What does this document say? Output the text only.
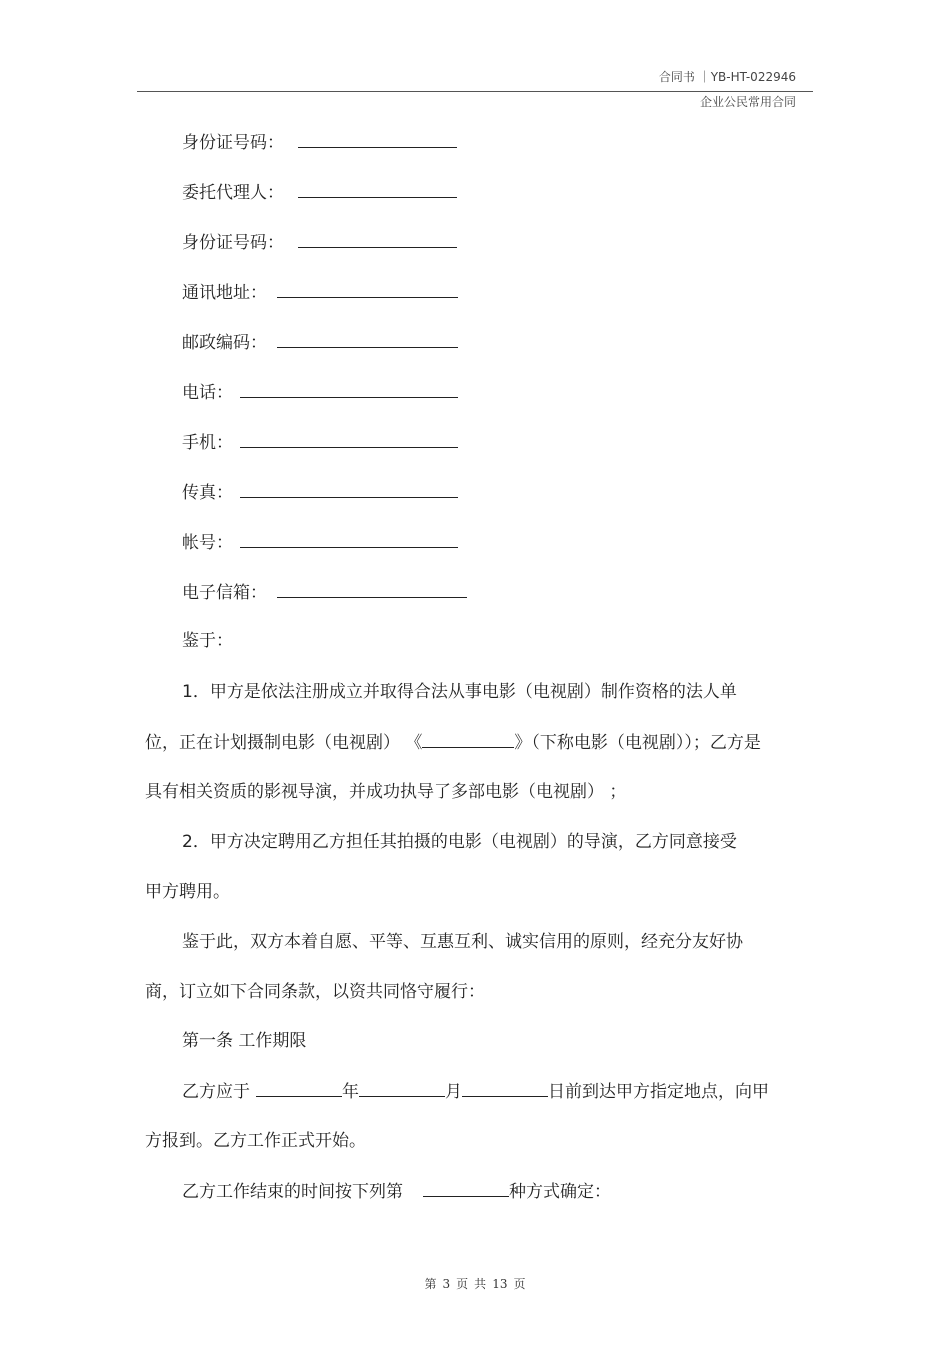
合同书 ｜YB-HT-022946
企业公民常用合同
身份证号码：
委托代理人：
身份证号码：
通讯地址：
邮政编码：
电话：
手机：
传真：
帐号：
电子信箱：
鉴于：
1．甲方是依法注册成立并取得合法从事电影（电视剧）制作资格的法人单
位，正在计划摄制电影（电视剧） 《	》（下称电影（电视剧））；乙方是
具有相关资质的影视导演，并成功执导了多部电影（电视剧） ；
2．甲方决定聘用乙方担任其拍摄的电影（电视剧）的导演，乙方同意接受
甲方聘用。
鉴于此，双方本着自愿、平等、互惠互利、诚实信用的原则，经充分友好协
商，订立如下合同条款，以资共同恪守履行：
第一条 工作期限
乙方应于	年	月	日前到达甲方指定地点，向甲
方报到。乙方工作正式开始。
乙方工作结束的时间按下列第	种方式确定：
第 3 页 共 13 页
